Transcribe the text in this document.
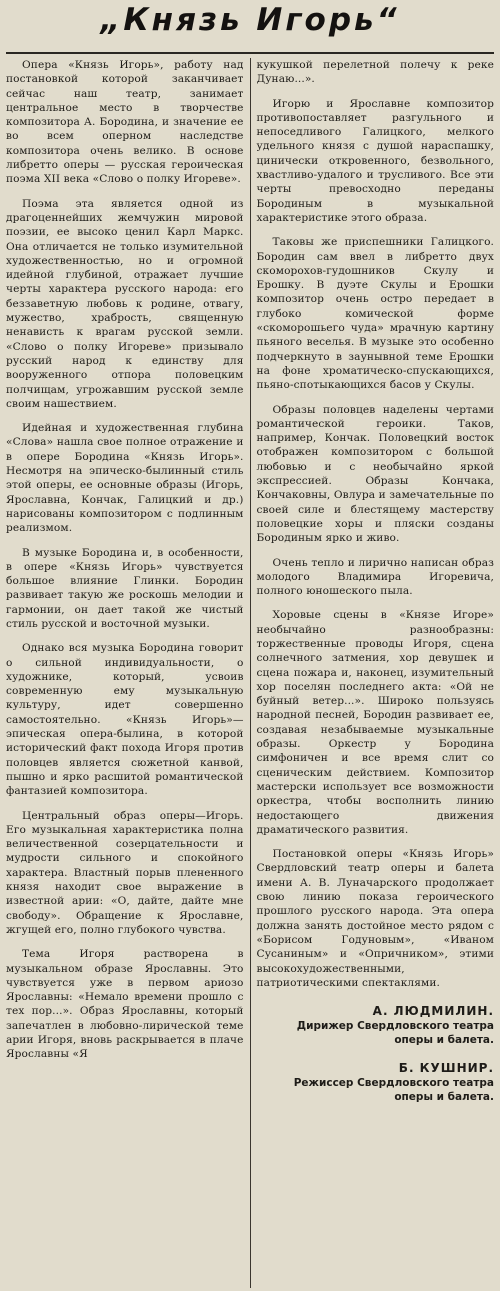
„Князь Игорь“

Опера «Князь Игорь», работу над постановкой которой заканчивает сейчас наш театр, занимает центральное место в творчестве композитора А. Бородина, и значение ее во всем оперном наследстве композитора очень велико. В основе либретто оперы — русская героическая поэма XII века «Слово о полку Игореве».

Поэма эта является одной из драгоценнейших жемчужин мировой поэзии, ее высоко ценил Карл Маркс. Она отличается не только изумительной художественностью, но и огромной идейной глубиной, отражает лучшие черты характера русского народа: его беззаветную любовь к родине, отвагу, мужество, храбрость, священную ненависть к врагам русской земли. «Слово о полку Игореве» призывало русский народ к единству для вооруженного отпора половецким полчищам, угрожавшим русской земле своим нашествием.

Идейная и художественная глубина «Слова» нашла свое полное отражение и в опере Бородина «Князь Игорь». Несмотря на эпическо-былинный стиль этой оперы, ее основные образы (Игорь, Ярославна, Кончак, Галицкий и др.) нарисованы композитором с подлинным реализмом.

В музыке Бородина и, в особенности, в опере «Князь Игорь» чувствуется большое влияние Глинки. Бородин развивает такую же роскошь мелодии и гармонии, он дает такой же чистый стиль русской и восточной музыки.

Однако вся музыка Бородина говорит о сильной индивидуальности, о художнике, который, усвоив современную ему музыкальную культуру, идет совершенно самостоятельно. «Князь Игорь»—эпическая опера-былина, в которой исторический факт похода Игоря против половцев является сюжетной канвой, пышно и ярко расшитой романтической фантазией композитора.

Центральный образ оперы—Игорь. Его музыкальная характеристика полна величественной созерцательности и мудрости сильного и спокойного характера. Властный порыв плененного князя находит свое выражение в известной арии: «О, дайте, дайте мне свободу». Обращение к Ярославне, жгущей его, полно глубокого чувства.

Тема Игоря растворена в музыкальном образе Ярославны. Это чувствуется уже в первом ариозо Ярославны: «Немало времени прошло с тех пор...». Образ Ярославны, который запечатлен в любовно-лирической теме арии Игоря, вновь раскрывается в плаче Ярославны «Я

кукушкой перелетной полечу к реке Дунаю...».

Игорю и Ярославне композитор противопоставляет разгульного и непоседливого Галицкого, мелкого удельного князя с душой нараспашку, цинически откровенного, безвольного, хвастливо-удалого и трусливого. Все эти черты превосходно переданы Бородиным в музыкальной характеристике этого образа.

Таковы же приспешники Галицкого. Бородин сам ввел в либретто двух скоморохов-гудошников Скулу и Ерошку. В дуэте Скулы и Ерошки композитор очень остро передает в глубоко комической форме «скоморошьего чуда» мрачную картину пьяного веселья. В музыке это особенно подчеркнуто в заунывной теме Ерошки на фоне хроматическо-спускающихся, пьяно-спотыкающихся басов у Скулы.

Образы половцев наделены чертами романтической героики. Таков, например, Кончак. Половецкий восток отображен композитором с большой любовью и с необычайно яркой экспрессией. Образы Кончака, Кончаковны, Овлура и замечательные по своей силе и блестящему мастерству половецкие хоры и пляски созданы Бородиным ярко и живо.

Очень тепло и лирично написан образ молодого Владимира Игоревича, полного юношеского пыла.

Хоровые сцены в «Князе Игоре» необычайно разнообразны: торжественные проводы Игоря, сцена солнечного затмения, хор девушек и сцена пожара и, наконец, изумительный хор поселян последнего акта: «Ой не буйный ветер...». Широко пользуясь народной песней, Бородин развивает ее, создавая незабываемые музыкальные образы. Оркестр у Бородина симфоничен и все время слит со сценическим действием. Композитор мастерски использует все возможности оркестра, чтобы восполнить линию недостающего движения драматического развития.

Постановкой оперы «Князь Игорь» Свердловский театр оперы и балета имени А. В. Луначарского продолжает свою линию показа героического прошлого русского народа. Эта опера должна занять достойное место рядом с «Борисом Годуновым», «Иваном Сусаниным» и «Опричником», этими высокохудожественными, патриотическими спектаклями.

А. ЛЮДМИЛИН.
Дирижер Свердловского театра оперы и балета.
Б. КУШНИР.
Режиссер Свердловского театра оперы и балета.
